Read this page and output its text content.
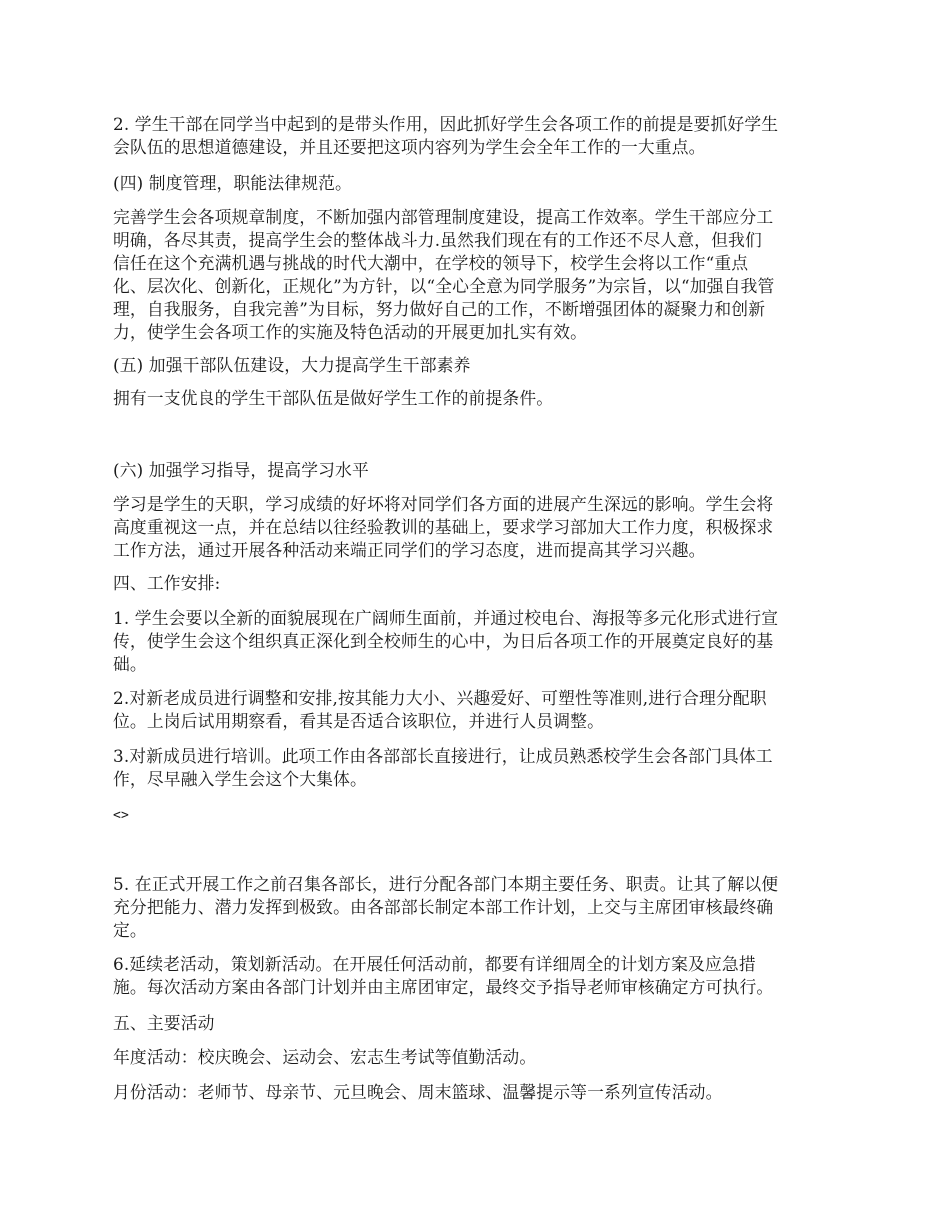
2. 学生干部在同学当中起到的是带头作用，因此抓好学生会各项工作的前提是要抓好学生
会队伍的思想道德建设，并且还要把这项内容列为学生会全年工作的一大重点。
(四) 制度管理，职能法律规范。
完善学生会各项规章制度，不断加强内部管理制度建设，提高工作效率。学生干部应分工
明确，各尽其责，提高学生会的整体战斗力.虽然我们现在有的工作还不尽人意，但我们
信任在这个充满机遇与挑战的时代大潮中，在学校的领导下，校学生会将以工作“重点
化、层次化、创新化，正规化”为方针，以“全心全意为同学服务”为宗旨，以“加强自我管
理，自我服务，自我完善”为目标，努力做好自己的工作，不断增强团体的凝聚力和创新
力，使学生会各项工作的实施及特色活动的开展更加扎实有效。
(五) 加强干部队伍建设，大力提高学生干部素养
拥有一支优良的学生干部队伍是做好学生工作的前提条件。
(六) 加强学习指导，提高学习水平
学习是学生的天职，学习成绩的好坏将对同学们各方面的进展产生深远的影响。学生会将
高度重视这一点，并在总结以往经验教训的基础上，要求学习部加大工作力度，积极探求
工作方法，通过开展各种活动来端正同学们的学习态度，进而提高其学习兴趣。
四、工作安排:
1. 学生会要以全新的面貌展现在广阔师生面前，并通过校电台、海报等多元化形式进行宣
传，使学生会这个组织真正深化到全校师生的心中，为日后各项工作的开展奠定良好的基
础。
2.对新老成员进行调整和安排,按其能力大小、兴趣爱好、可塑性等准则,进行合理分配职
位。上岗后试用期察看，看其是否适合该职位，并进行人员调整。
3.对新成员进行培训。此项工作由各部部长直接进行，让成员熟悉校学生会各部门具体工
作，尽早融入学生会这个大集体。
<>
5. 在正式开展工作之前召集各部长，进行分配各部门本期主要任务、职责。让其了解以便
充分把能力、潜力发挥到极致。由各部部长制定本部工作计划，上交与主席团审核最终确
定。
6.延续老活动，策划新活动。在开展任何活动前，都要有详细周全的计划方案及应急措
施。每次活动方案由各部门计划并由主席团审定，最终交予指导老师审核确定方可执行。
五、主要活动
年度活动：校庆晚会、运动会、宏志生考试等值勤活动。
月份活动：老师节、母亲节、元旦晚会、周末篮球、温馨提示等一系列宣传活动。
